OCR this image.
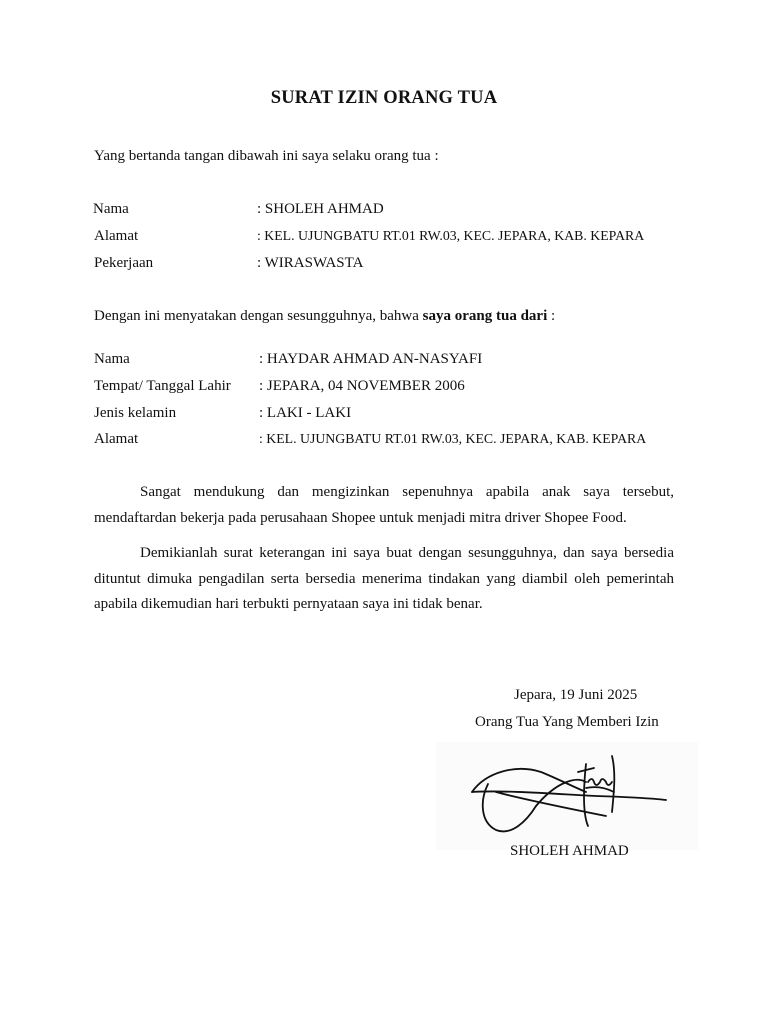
SURAT IZIN ORANG TUA
Yang bertanda tangan dibawah ini saya selaku orang tua :
Nama	: SHOLEH AHMAD
Alamat	: KEL. UJUNGBATU RT.01 RW.03, KEC. JEPARA, KAB. KEPARA
Pekerjaan	: WIRASWASTA
Dengan ini menyatakan dengan sesungguhnya, bahwa saya orang tua dari :
Nama	: HAYDAR AHMAD AN-NASYAFI
Tempat/ Tanggal Lahir : JEPARA, 04 NOVEMBER 2006
Jenis kelamin	: LAKI - LAKI
Alamat	: KEL. UJUNGBATU RT.01 RW.03, KEC. JEPARA, KAB. KEPARA
Sangat mendukung dan mengizinkan sepenuhnya apabila anak saya tersebut, mendaftardan bekerja pada perusahaan Shopee untuk menjadi mitra driver Shopee Food.
Demikianlah surat keterangan ini saya buat dengan sesungguhnya, dan saya bersedia dituntut dimuka pengadilan serta bersedia menerima tindakan yang diambil oleh pemerintah apabila dikemudian hari terbukti pernyataan saya ini tidak benar.
Jepara, 19 Juni 2025
Orang Tua Yang Memberi Izin
SHOLEH AHMAD
